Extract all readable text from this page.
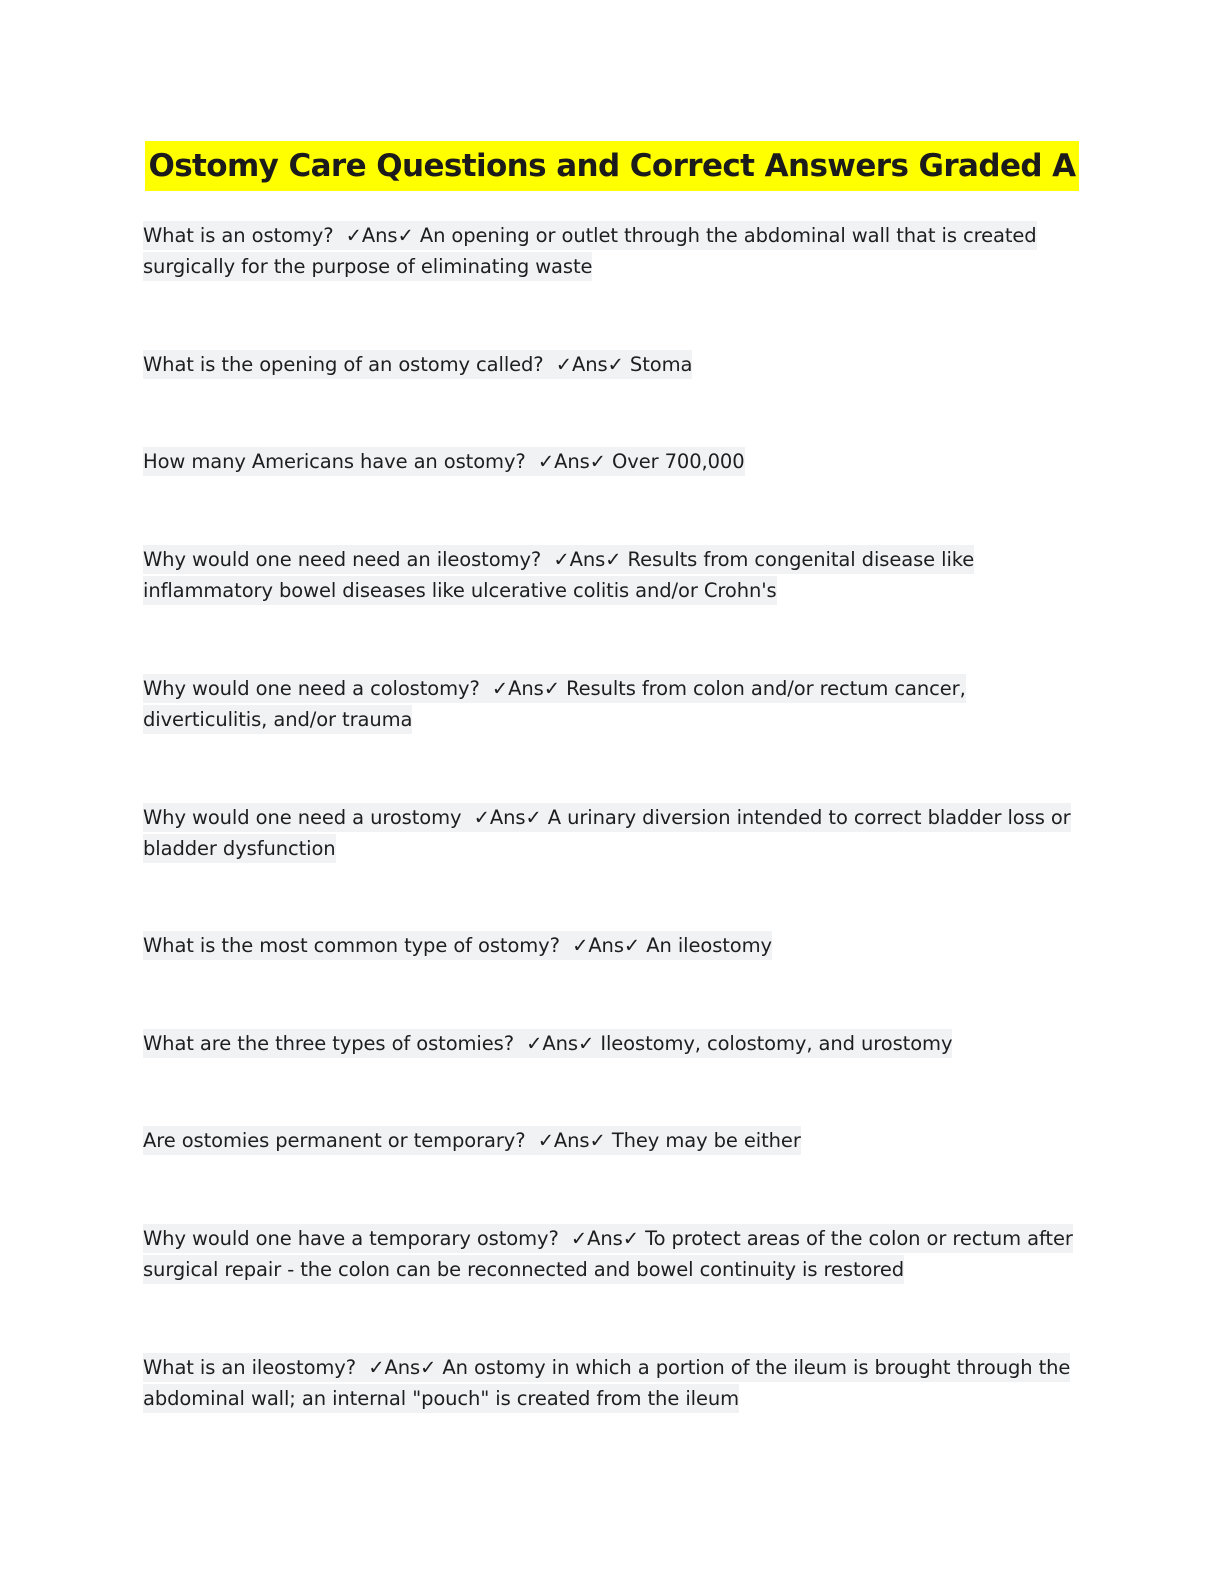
Ostomy Care Questions and Correct Answers Graded A
What is an ostomy? ✓Ans✓ An opening or outlet through the abdominal wall that is created surgically for the purpose of eliminating waste
What is the opening of an ostomy called? ✓Ans✓ Stoma
How many Americans have an ostomy? ✓Ans✓ Over 700,000
Why would one need need an ileostomy? ✓Ans✓ Results from congenital disease like inflammatory bowel diseases like ulcerative colitis and/or Crohn's
Why would one need a colostomy? ✓Ans✓ Results from colon and/or rectum cancer, diverticulitis, and/or trauma
Why would one need a urostomy ✓Ans✓ A urinary diversion intended to correct bladder loss or bladder dysfunction
What is the most common type of ostomy? ✓Ans✓ An ileostomy
What are the three types of ostomies? ✓Ans✓ Ileostomy, colostomy, and urostomy
Are ostomies permanent or temporary? ✓Ans✓ They may be either
Why would one have a temporary ostomy? ✓Ans✓ To protect areas of the colon or rectum after surgical repair - the colon can be reconnected and bowel continuity is restored
What is an ileostomy? ✓Ans✓ An ostomy in which a portion of the ileum is brought through the abdominal wall; an internal "pouch" is created from the ileum
